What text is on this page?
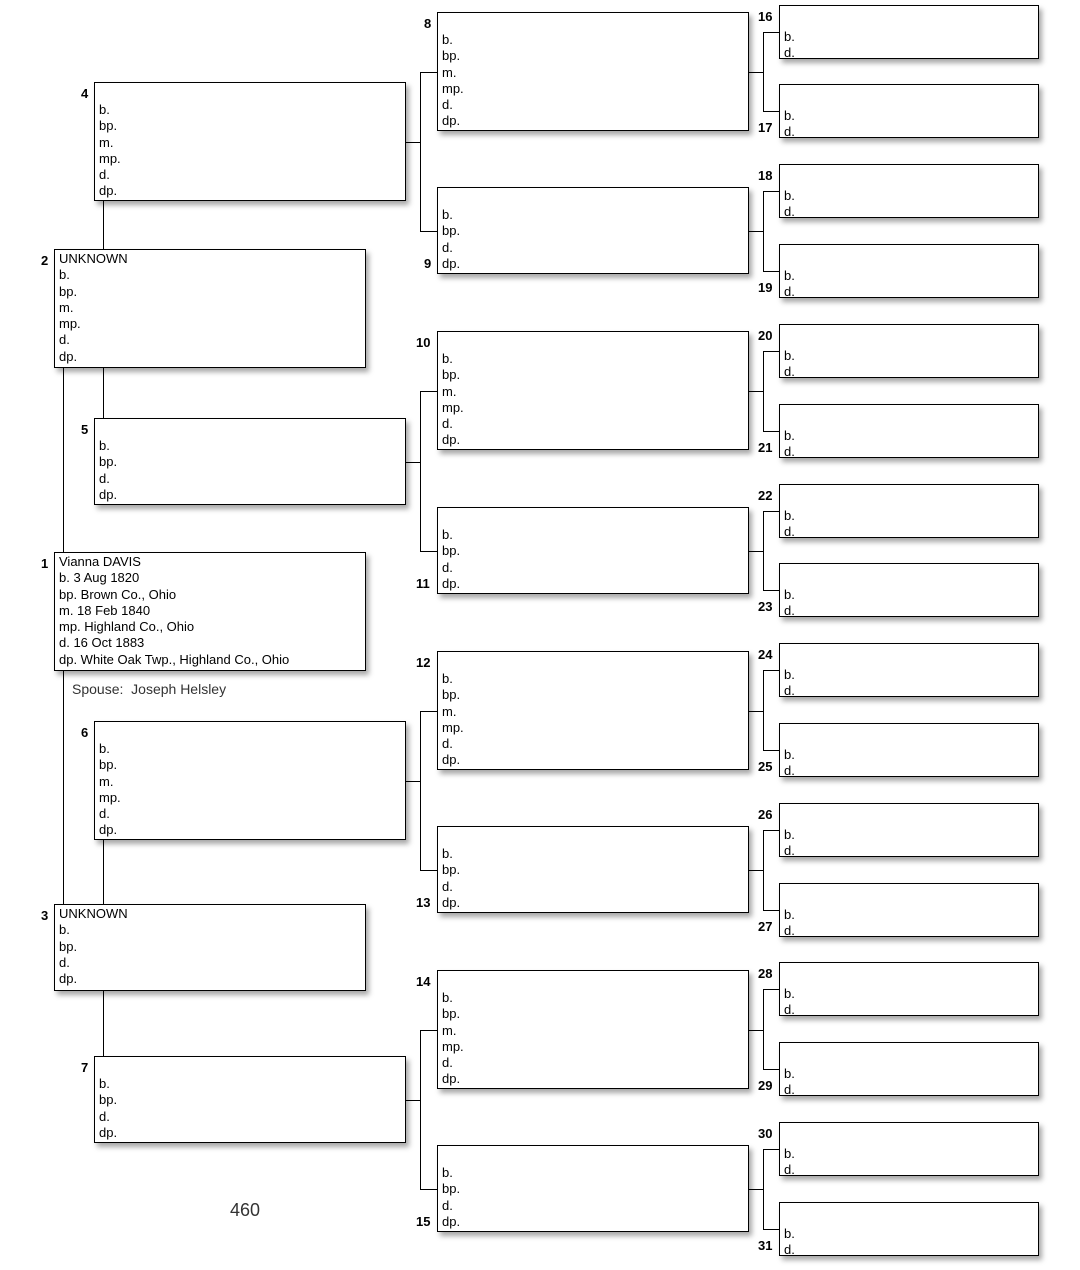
1 Vianna DAVIS
b. 3 Aug 1820
bp. Brown Co., Ohio
m. 18 Feb 1840
mp. Highland Co., Ohio
d. 16 Oct 1883
dp. White Oak Twp., Highland Co., Ohio
2 UNKNOWN
b.
bp.
m.
mp.
d.
dp.
3 UNKNOWN
b.
bp.
d.
dp.
4
b.
bp.
m.
mp.
d.
dp.
5
b.
bp.
d.
dp.
6
b.
bp.
m.
mp.
d.
dp.
7
b.
bp.
d.
dp.
8
b.
bp.
m.
mp.
d.
dp.
9
b.
bp.
d.
dp.
10
b.
bp.
m.
mp.
d.
dp.
11
b.
bp.
d.
dp.
12
b.
bp.
m.
mp.
d.
dp.
13
b.
bp.
d.
dp.
14
b.
bp.
m.
mp.
d.
dp.
15
b.
bp.
d.
dp.
16
b.
d.
17
b.
d.
18
b.
d.
19
b.
d.
20
b.
d.
21
b.
d.
22
b.
d.
23
b.
d.
24
b.
d.
25
b.
d.
26
b.
d.
27
b.
d.
28
b.
d.
29
b.
d.
30
b.
d.
31
b.
d.
Spouse: Joseph Helsley
460
